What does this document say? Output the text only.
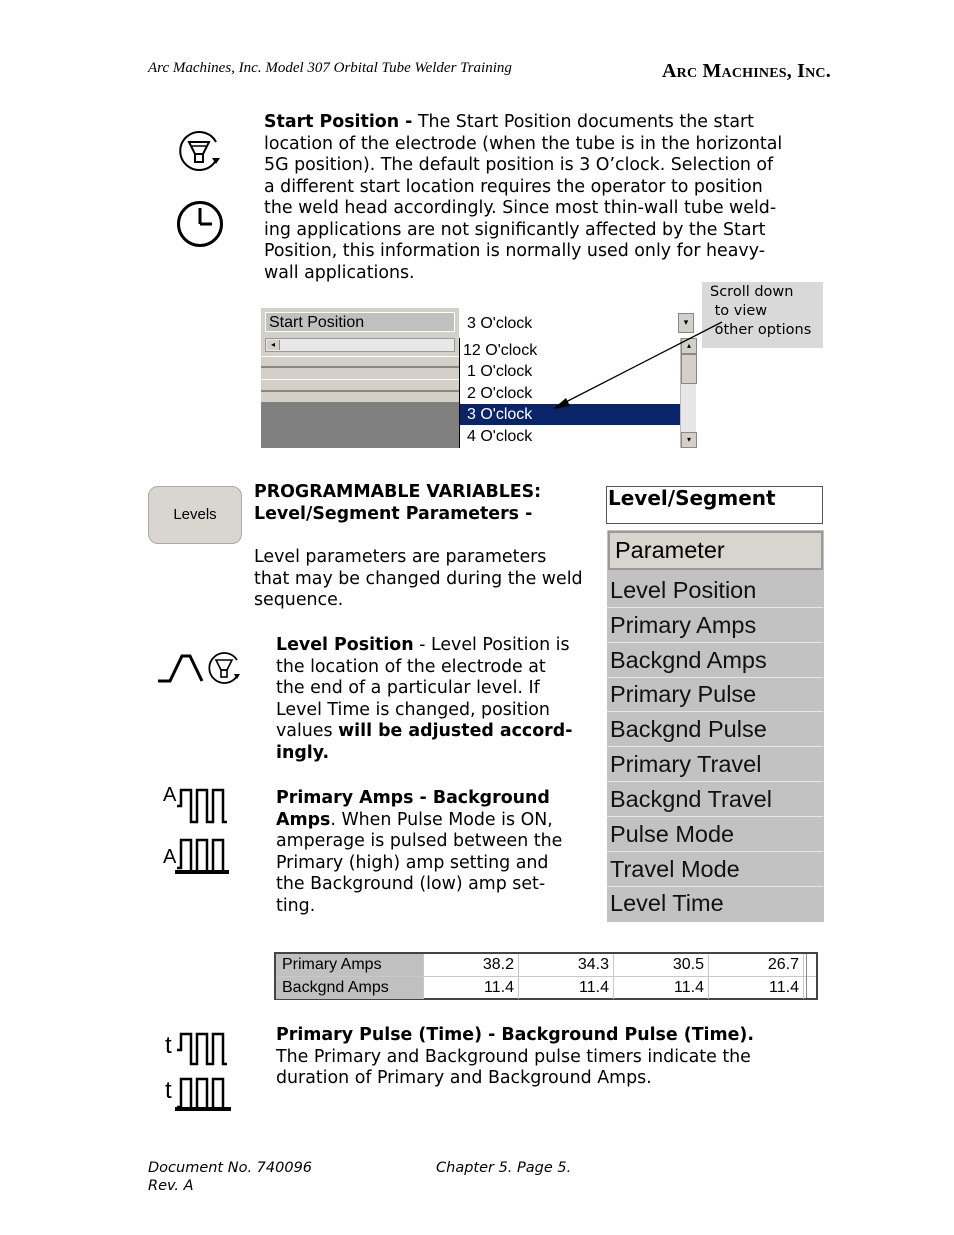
Arc Machines, Inc. Model 307 Orbital Tube Welder Training	Arc Machines, Inc.
Start Position - The Start Position documents the start
location of the electrode (when the tube is in the horizontal
5G position). The default position is 3 O’clock. Selection of
a different start location requires the operator to position
the weld head accordingly. Since most thin-wall tube weld-
ing applications are not significantly affected by the Start
Position, this information is normally used only for heavy-
wall applications.
Start Position
◂
3 O'clock	▾
12 O'clock
1 O'clock
2 O'clock
3 O'clock
4 O'clock
▴
▾
Scroll down
to view
other options
Levels
PROGRAMMABLE VARIABLES:
Level/Segment Parameters -
Level parameters are parameters
that may be changed during the weld
sequence.
Level/Segment
Parameter
Level Position
Primary Amps
Backgnd Amps
Primary Pulse
Backgnd Pulse
Primary Travel
Backgnd Travel
Pulse Mode
Travel Mode
Level Time
Level Position - Level Position is
the location of the electrode at
the end of a particular level. If
Level Time is changed, position
values will be adjusted accord-
ingly.
A
A
Primary Amps - Background
Amps. When Pulse Mode is ON,
amperage is pulsed between the
Primary (high) amp setting and
the Background (low) amp set-
ting.
Primary Amps	38.2	34.3	30.5	26.7
Backgnd Amps	11.4	11.4	11.4	11.4
t
t
Primary Pulse (Time) - Background Pulse (Time).
The Primary and Background pulse timers indicate the
duration of Primary and Background Amps.
Document No. 740096
Rev. A
Chapter 5. Page 5.
